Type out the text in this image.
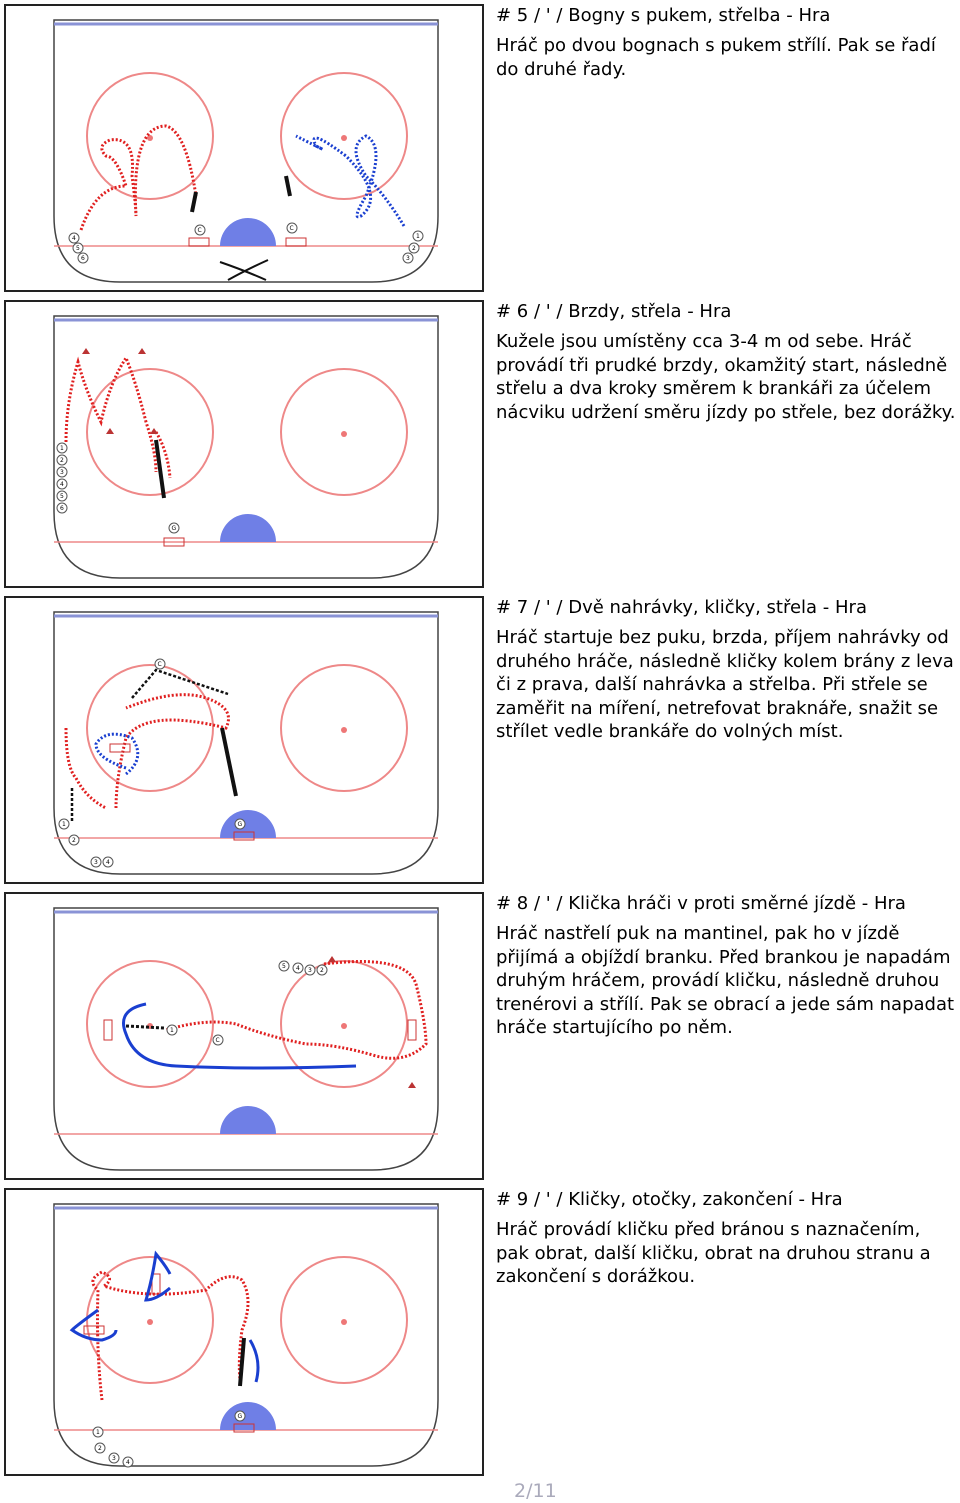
C	C
4
5
6
1
2
3

# 5 / ' / Bogny s pukem, střelba - Hra

Hráč po dvou bognach s pukem střílí. Pak se řadí do druhé řady.

G
1
2
3
4
5
6

# 6 / ' / Brzdy, střela - Hra

Kužele jsou umístěny cca 3-4 m od sebe. Hráč provádí tři prudké brzdy, okamžitý start, následně střelu a dva kroky směrem k brankáři za účelem nácviku udržení směru jízdy po střele, bez dorážky.

C
G
1
2
3 4

# 7 / ' / Dvě nahrávky, kličky, střela - Hra

Hráč startuje bez puku, brzda, příjem nahrávky od druhého hráče, následně kličky kolem brány z leva či z prava, další nahrávka a střelba. Při střele se zaměřit na míření, netrefovat braknáře, snažit se střílet vedle brankáře do volných míst.

5 4 3 2
1
C

# 8 / ' / Klička hráči v proti směrné jízdě - Hra

Hráč nastřelí puk na mantinel, pak ho v jízdě přijímá a objíždí branku. Před brankou je napadám druhým hráčem, provádí kličku, následně druhou trenérovi a střílí. Pak se obrací a jede sám napadat hráče startujícího po něm.

G
1
2
3
4

# 9 / ' / Kličky, otočky, zakončení - Hra

Hráč provádí kličku před bránou s naznačením, pak obrat, další kličku, obrat na druhou stranu a zakončení s dorážkou.

2/11
